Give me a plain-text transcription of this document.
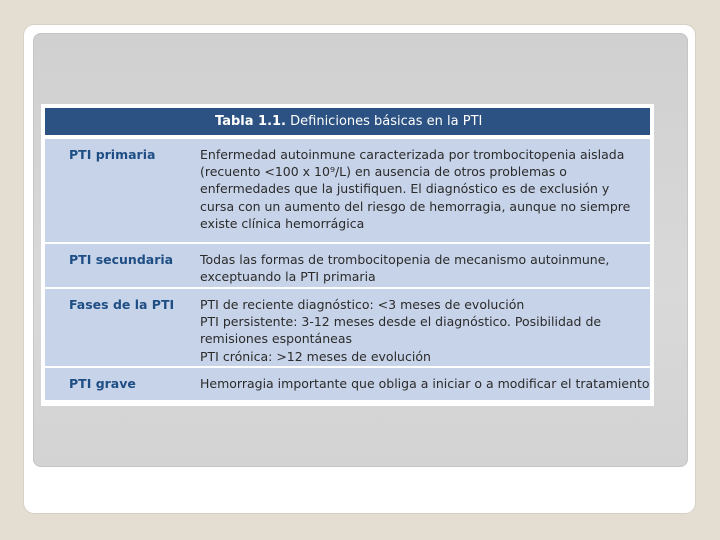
Tabla 1.1. Definiciones básicas en la PTI
PTI primaria	Enfermedad autoinmune caracterizada por trombocitopenia aislada
(recuento <100 x 10⁹/L) en ausencia de otros problemas o
enfermedades que la justifiquen. El diagnóstico es de exclusión y
cursa con un aumento del riesgo de hemorragia, aunque no siempre
existe clínica hemorrágica
PTI secundaria Todas las formas de trombocitopenia de mecanismo autoinmune,
exceptuando la PTI primaria
Fases de la PTI PTI de reciente diagnóstico: <3 meses de evolución
PTI persistente: 3-12 meses desde el diagnóstico. Posibilidad de
remisiones espontáneas
PTI crónica: >12 meses de evolución
PTI grave	Hemorragia importante que obliga a iniciar o a modificar el tratamiento
